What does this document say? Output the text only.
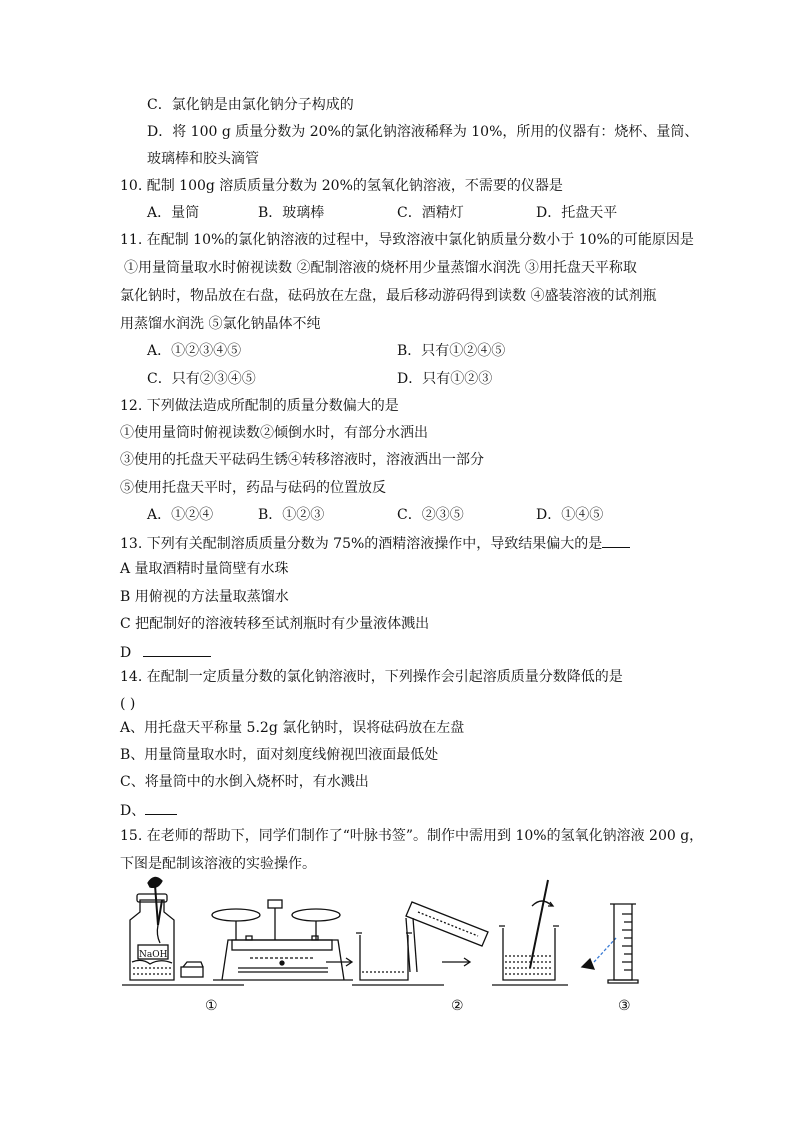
C．氯化钠是由氯化钠分子构成的
D．将 100 g 质量分数为 20%的氯化钠溶液稀释为 10%，所用的仪器有：烧杯、量筒、
玻璃棒和胶头滴管
10. 配制 100g 溶质质量分数为 20%的氢氧化钠溶液，不需要的仪器是
A．量筒	B．玻璃棒	C．酒精灯	D．托盘天平
11. 在配制 10%的氯化钠溶液的过程中，导致溶液中氯化钠质量分数小于 10%的可能原因是
①用量筒量取水时俯视读数 ②配制溶液的烧杯用少量蒸馏水润洗 ③用托盘天平称取
氯化钠时，物品放在右盘，砝码放在左盘，最后移动游码得到读数 ④盛装溶液的试剂瓶
用蒸馏水润洗 ⑤氯化钠晶体不纯
A．①②③④⑤	B．只有①②④⑤
C．只有②③④⑤	D．只有①②③
12. 下列做法造成所配制的质量分数偏大的是
①使用量筒时俯视读数②倾倒水时，有部分水洒出
③使用的托盘天平砝码生锈④转移溶液时，溶液洒出一部分
⑤使用托盘天平时，药品与砝码的位置放反
A．①②④	B．①②③	C．②③⑤	D．①④⑤
13. 下列有关配制溶质质量分数为 75%的酒精溶液操作中，导致结果偏大的是
A 量取酒精时量筒壁有水珠
B 用俯视的方法量取蒸馏水
C 把配制好的溶液转移至试剂瓶时有少量液体溅出
D
14. 在配制一定质量分数的氯化钠溶液时，下列操作会引起溶质质量分数降低的是
( )
A、用托盘天平称量 5.2g 氯化钠时，误将砝码放在左盘
B、用量筒量取水时，面对刻度线俯视凹液面最低处
C、将量筒中的水倒入烧杯时，有水溅出
D、
15. 在老师的帮助下，同学们制作了“叶脉书签”。制作中需用到 10%的氢氧化钠溶液 200 g，
下图是配制该溶液的实验操作。
NaOH
①	②	③
